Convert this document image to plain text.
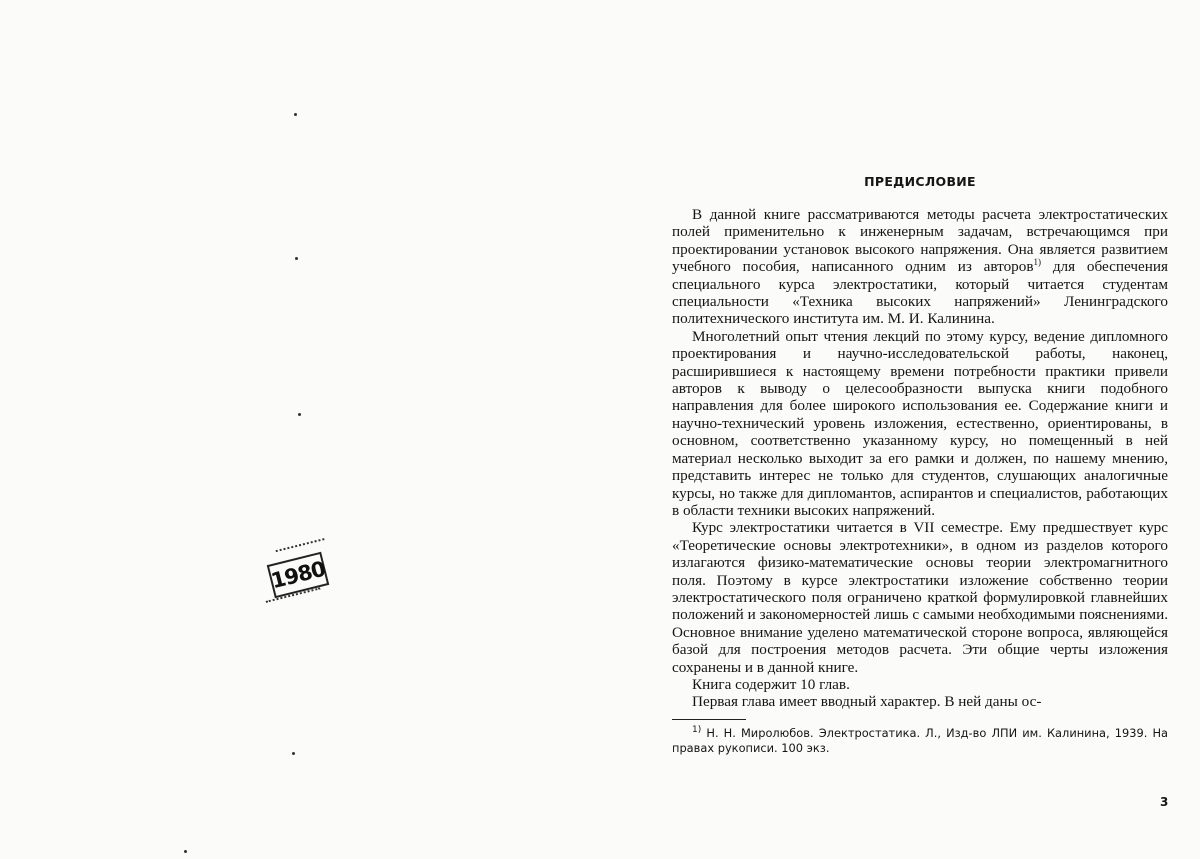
1980
ПРЕДИСЛОВИЕ

В данной книге рассматриваются методы расчета электростатических полей применительно к инженерным задачам, встречающимся при проектировании установок высокого напряжения. Она является развитием учебного пособия, написанного одним из авторов$^{1)}$ для обеспечения специального курса электростатики, который читается студентам специальности «Техника высоких напряжений» Ленинградского политехнического института им. М. И. Калинина.

Многолетний опыт чтения лекций по этому курсу, ведение дипломного проектирования и научно-исследовательской работы, наконец, расширившиеся к настоящему времени потребности практики привели авторов к выводу о целесообразности выпуска книги подобного направления для более широкого использования ее. Содержание книги и научно-технический уровень изложения, естественно, ориентированы, в основном, соответственно указанному курсу, но помещенный в ней материал несколько выходит за его рамки и должен, по нашему мнению, представить интерес не только для студентов, слушающих аналогичные курсы, но также для дипломантов, аспирантов и специалистов, работающих в области техники высоких напряжений.

Курс электростатики читается в VII семестре. Ему предшествует курс «Теоретические основы электротехники», в одном из разделов которого излагаются физико-математические основы теории электромагнитного поля. Поэтому в курсе электростатики изложение собственно теории электростатического поля ограничено краткой формулировкой главнейших положений и закономерностей лишь с самыми необходимыми пояснениями. Основное внимание уделено математической стороне вопроса, являющейся базой для построения методов расчета. Эти общие черты изложения сохранены и в данной книге.

Книга содержит 10 глав.

Первая глава имеет вводный характер. В ней даны ос-

$^{1)}$ Н. Н. Миролюбов. Электростатика. Л., Изд-во ЛПИ им. Калинина, 1939. На правах рукописи. 100 экз.

3
